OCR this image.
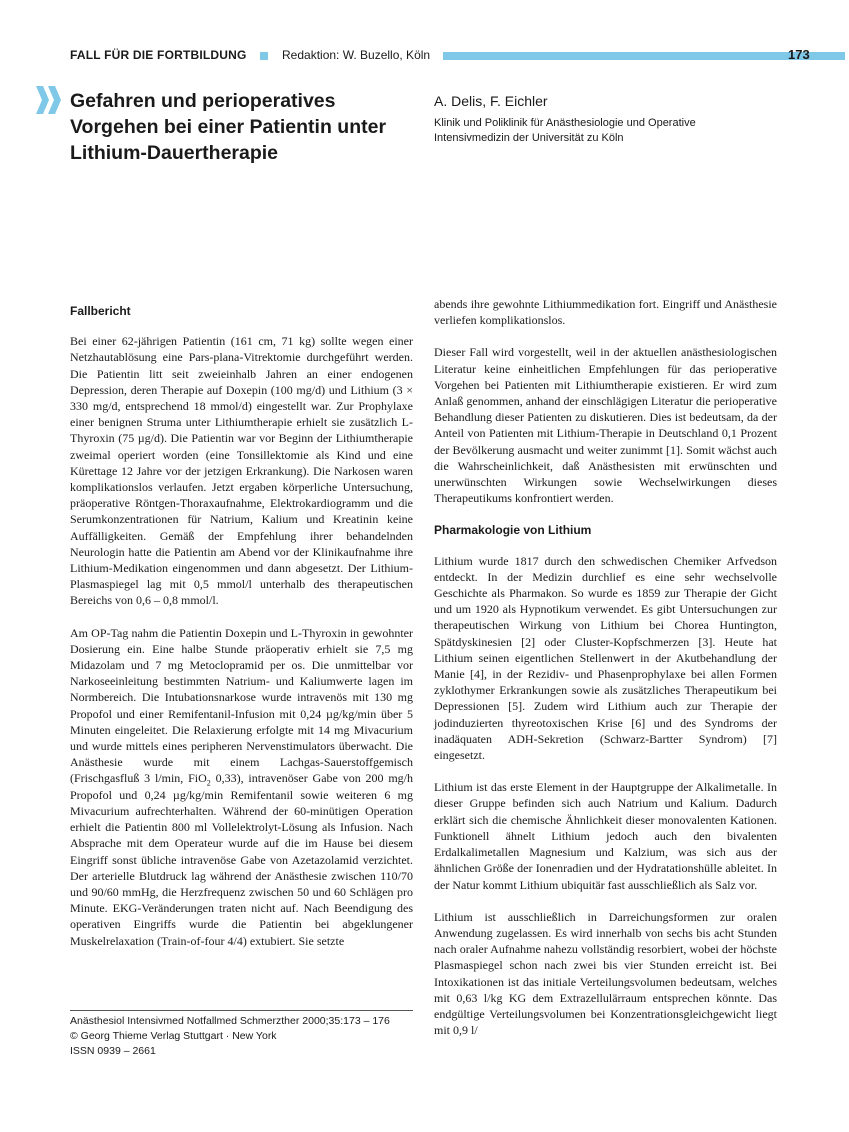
FALL FÜR DIE FORTBILDUNG	Redaktion: W. Buzello, Köln	173
Gefahren und perioperatives Vorgehen bei einer Patientin unter Lithium-Dauertherapie

A. Delis, F. Eichler

Klinik und Poliklinik für Anästhesiologie und Operative Intensivmedizin der Universität zu Köln

Fallbericht

Bei einer 62-jährigen Patientin (161 cm, 71 kg) sollte wegen einer Netzhautablösung eine Pars-plana-Vitrektomie durchgeführt werden. Die Patientin litt seit zweieinhalb Jahren an einer endogenen Depression, deren Therapie auf Doxepin (100 mg/d) und Lithium (3 × 330 mg/d, entsprechend 18 mmol/d) eingestellt war. Zur Prophylaxe einer benignen Struma unter Lithiumtherapie erhielt sie zusätzlich L-Thyroxin (75 µg/d). Die Patientin war vor Beginn der Lithiumtherapie zweimal operiert worden (eine Tonsillektomie als Kind und eine Kürettage 12 Jahre vor der jetzigen Erkrankung). Die Narkosen waren komplikationslos verlaufen. Jetzt ergaben körperliche Untersuchung, präoperative Röntgen-Thoraxaufnahme, Elektrokardiogramm und die Serumkonzentrationen für Natrium, Kalium und Kreatinin keine Auffälligkeiten. Gemäß der Empfehlung ihrer behandelnden Neurologin hatte die Patientin am Abend vor der Klinikaufnahme ihre Lithium-Medikation eingenommen und dann abgesetzt. Der Lithium-Plasmaspiegel lag mit 0,5 mmol/l unterhalb des therapeutischen Bereichs von 0,6 – 0,8 mmol/l.

Am OP-Tag nahm die Patientin Doxepin und L-Thyroxin in gewohnter Dosierung ein. Eine halbe Stunde präoperativ erhielt sie 7,5 mg Midazolam und 7 mg Metoclopramid per os. Die unmittelbar vor Narkoseeinleitung bestimmten Natrium- und Kaliumwerte lagen im Normbereich. Die Intubationsnarkose wurde intravenös mit 130 mg Propofol und einer Remifentanil-Infusion mit 0,24 µg/kg/min über 5 Minuten eingeleitet. Die Relaxierung erfolgte mit 14 mg Mivacurium und wurde mittels eines peripheren Nervenstimulators überwacht. Die Anästhesie wurde mit einem Lachgas-Sauerstoffgemisch (Frischgasfluß 3 l/min, FiO$_2$ 0,33), intravenöser Gabe von 200 mg/h Propofol und 0,24 µg/kg/min Remifentanil sowie weiteren 6 mg Mivacurium aufrechterhalten. Während der 60-minütigen Operation erhielt die Patientin 800 ml Vollelektrolyt-Lösung als Infusion. Nach Absprache mit dem Operateur wurde auf die im Hause bei diesem Eingriff sonst übliche intravenöse Gabe von Azetazolamid verzichtet. Der arterielle Blutdruck lag während der Anästhesie zwischen 110/70 und 90/60 mmHg, die Herzfrequenz zwischen 50 und 60 Schlägen pro Minute. EKG-Veränderungen traten nicht auf. Nach Beendigung des operativen Eingriffs wurde die Patientin bei abgeklungener Muskelrelaxation (Train-of-four 4/4) extubiert. Sie setzte

abends ihre gewohnte Lithiummedikation fort. Eingriff und Anästhesie verliefen komplikationslos.

Dieser Fall wird vorgestellt, weil in der aktuellen anästhesiologischen Literatur keine einheitlichen Empfehlungen für das perioperative Vorgehen bei Patienten mit Lithiumtherapie existieren. Er wird zum Anlaß genommen, anhand der einschlägigen Literatur die perioperative Behandlung dieser Patienten zu diskutieren. Dies ist bedeutsam, da der Anteil von Patienten mit Lithium-Therapie in Deutschland 0,1 Prozent der Bevölkerung ausmacht und weiter zunimmt [1]. Somit wächst auch die Wahrscheinlichkeit, daß Anästhesisten mit erwünschten und unerwünschten Wirkungen sowie Wechselwirkungen dieses Therapeutikums konfrontiert werden.

Pharmakologie von Lithium

Lithium wurde 1817 durch den schwedischen Chemiker Arfvedson entdeckt. In der Medizin durchlief es eine sehr wechselvolle Geschichte als Pharmakon. So wurde es 1859 zur Therapie der Gicht und um 1920 als Hypnotikum verwendet. Es gibt Untersuchungen zur therapeutischen Wirkung von Lithium bei Chorea Huntington, Spätdyskinesien [2] oder Cluster-Kopfschmerzen [3]. Heute hat Lithium seinen eigentlichen Stellenwert in der Akutbehandlung der Manie [4], in der Rezidiv- und Phasenprophylaxe bei allen Formen zyklothymer Erkrankungen sowie als zusätzliches Therapeutikum bei Depressionen [5]. Zudem wird Lithium auch zur Therapie der jodinduzierten thyreotoxischen Krise [6] und des Syndroms der inadäquaten ADH-Sekretion (Schwarz-Bartter Syndrom) [7] eingesetzt.

Lithium ist das erste Element in der Hauptgruppe der Alkalimetalle. In dieser Gruppe befinden sich auch Natrium und Kalium. Dadurch erklärt sich die chemische Ähnlichkeit dieser monovalenten Kationen. Funktionell ähnelt Lithium jedoch auch den bivalenten Erdalkalimetallen Magnesium und Kalzium, was sich aus der ähnlichen Größe der Ionenradien und der Hydratationshülle ableitet. In der Natur kommt Lithium ubiquitär fast ausschließlich als Salz vor.

Lithium ist ausschließlich in Darreichungsformen zur oralen Anwendung zugelassen. Es wird innerhalb von sechs bis acht Stunden nach oraler Aufnahme nahezu vollständig resorbiert, wobei der höchste Plasmaspiegel schon nach zwei bis vier Stunden erreicht ist. Bei Intoxikationen ist das initiale Verteilungsvolumen bedeutsam, welches mit 0,63 l/kg KG dem Extrazellulärraum entsprechen könnte. Das endgültige Verteilungsvolumen bei Konzentrationsgleichgewicht liegt mit 0,9 l/

Anästhesiol Intensivmed Notfallmed Schmerzther 2000;35:173 – 176
© Georg Thieme Verlag Stuttgart · New York
ISSN 0939 – 2661
